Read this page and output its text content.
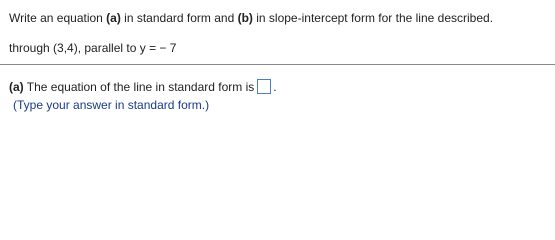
Write an equation (a) in standard form and (b) in slope-intercept form for the line described.
through (3,4), parallel to y = − 7
(a) The equation of the line in standard form is .
(Type your answer in standard form.)
